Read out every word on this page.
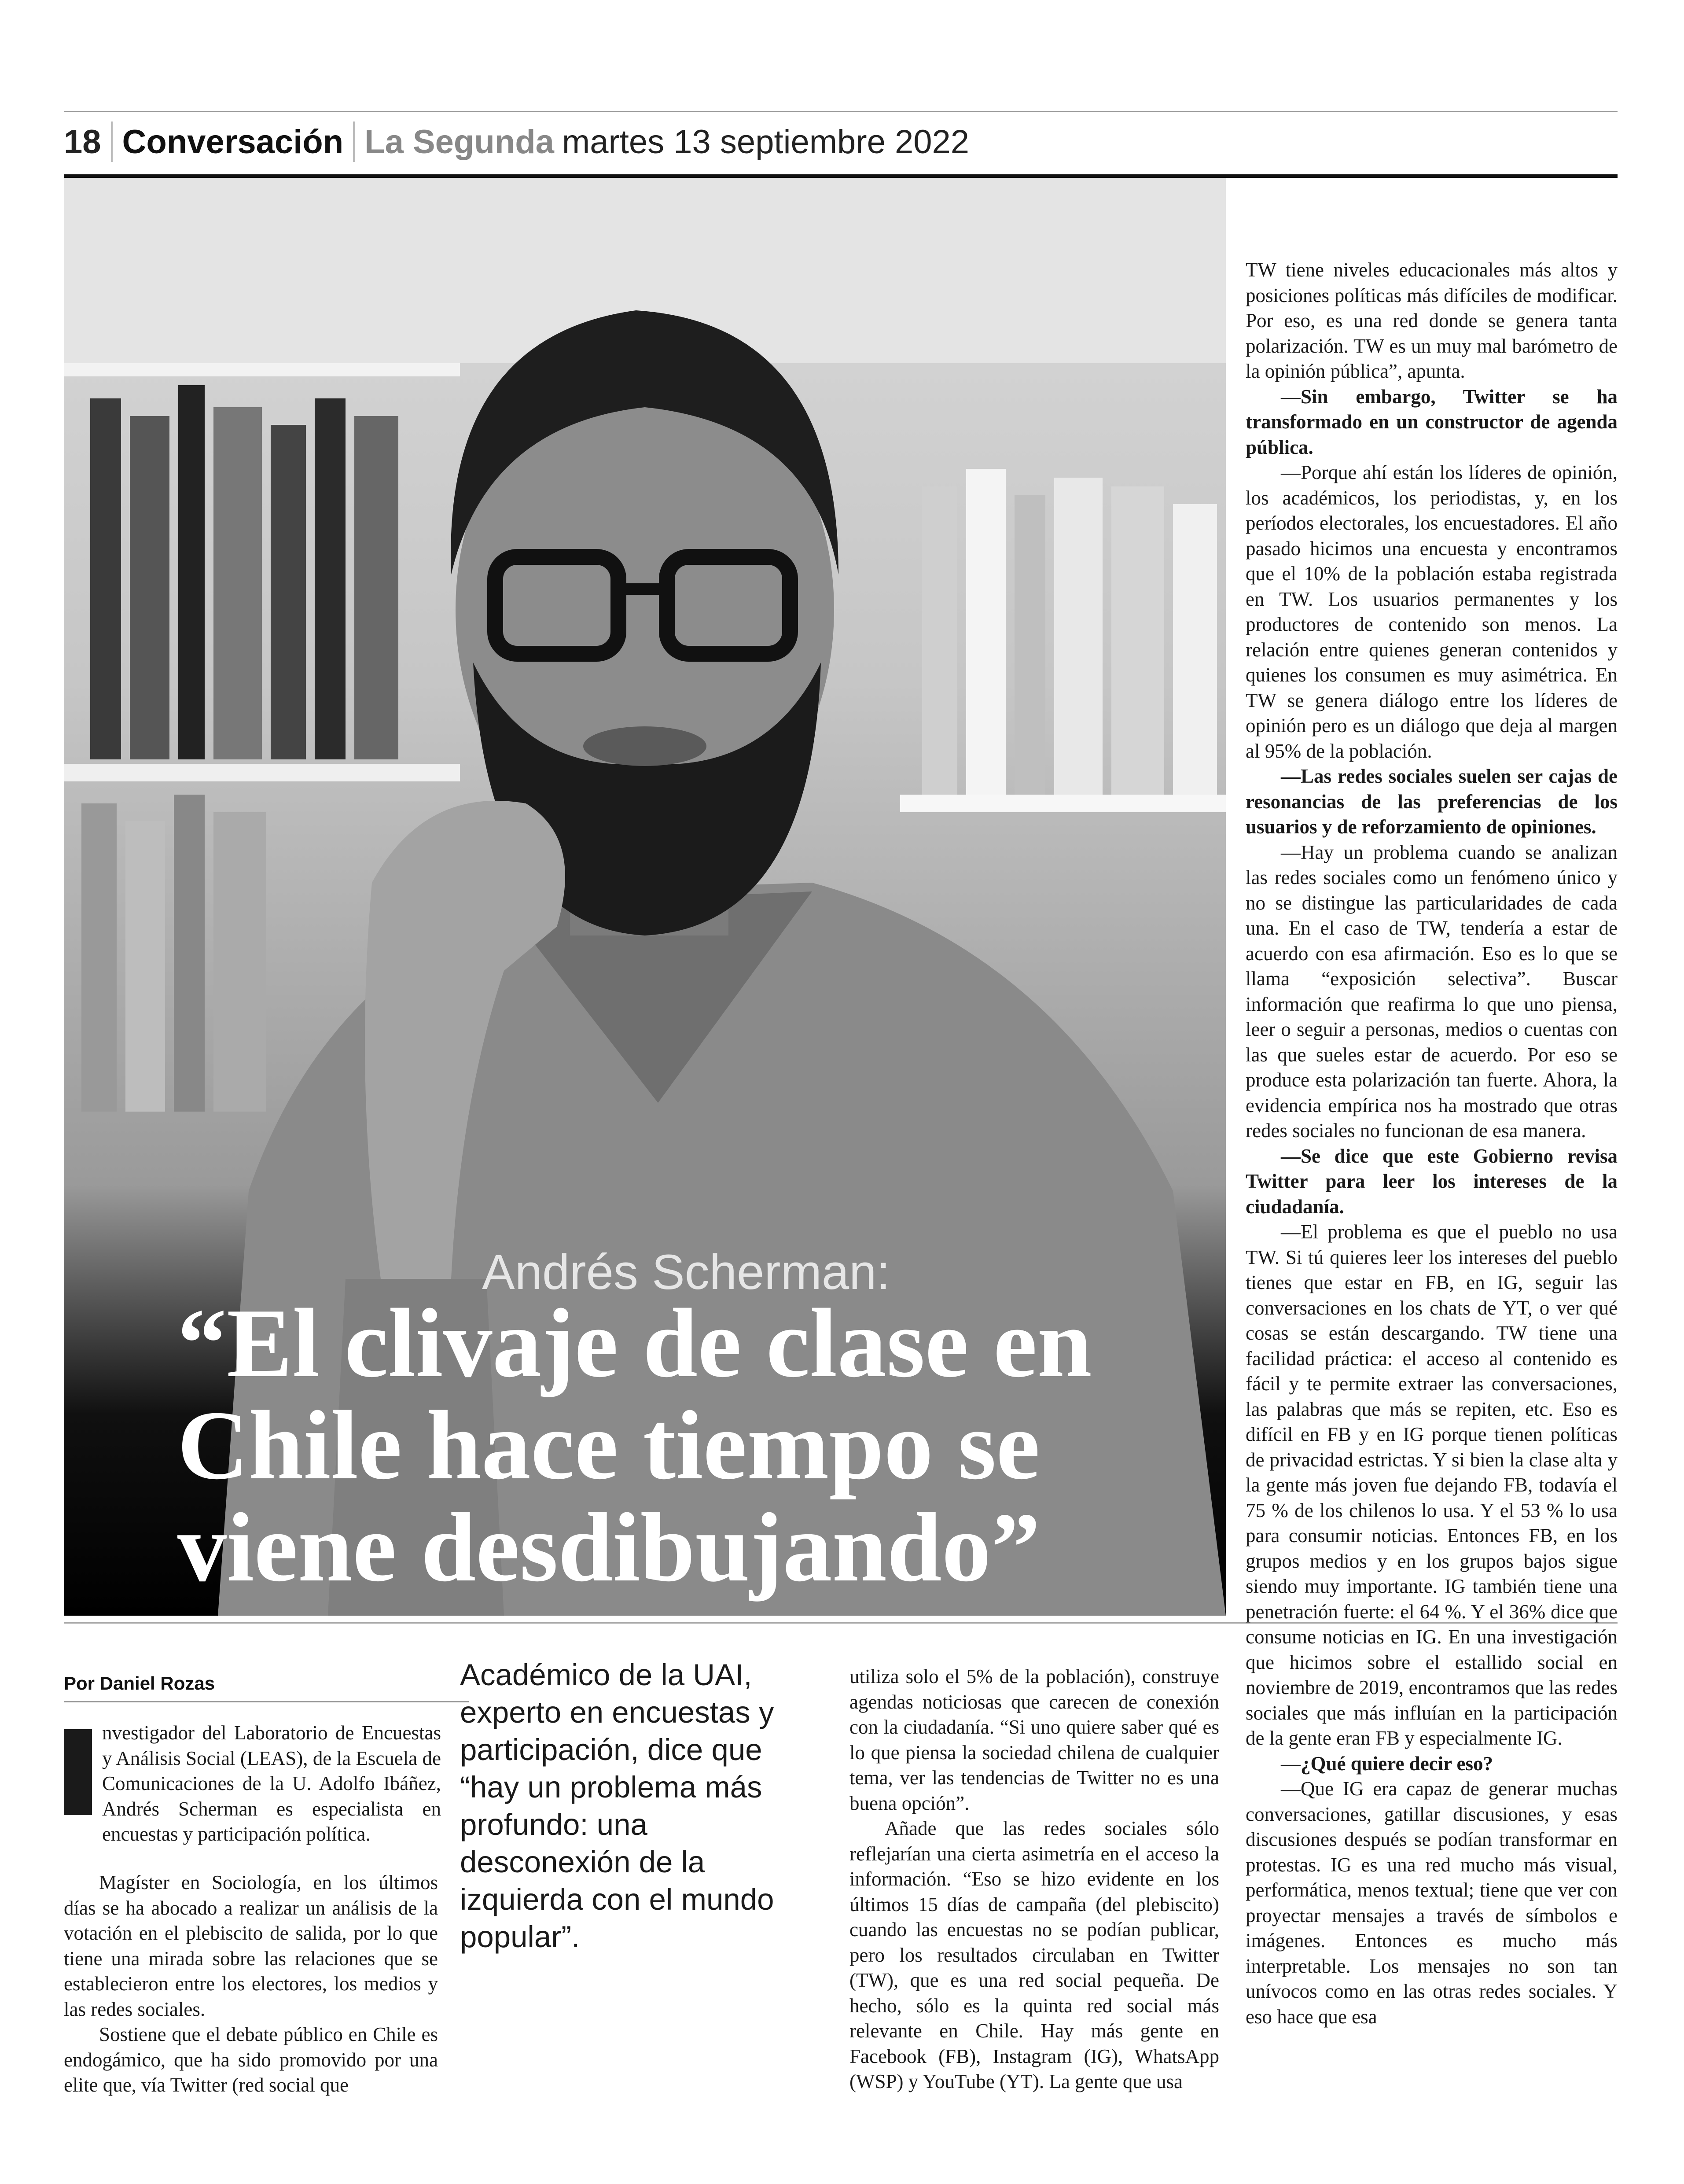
18 Conversación La Segunda martes 13 septiembre 2022
Andrés Scherman:
“El clivaje de clase en
Chile hace tiempo se
viene desdibujando”
Por Daniel Rozas

nvestigador del Laboratorio de Encuestas y Análisis Social (LEAS), de la Escuela de Comunicaciones de la U. Adolfo Ibáñez, Andrés Scherman es especialista en encuestas y participación política.

Magíster en Sociología, en los últimos días se ha abocado a realizar un análisis de la votación en el plebiscito de salida, por lo que tiene una mirada sobre las relaciones que se establecieron entre los electores, los medios y las redes sociales.

Sostiene que el debate público en Chile es endogámico, que ha sido promovido por una elite que, vía Twitter (red social que

Académico de la UAI,
experto en encuestas y
participación, dice que
“hay un problema más
profundo: una
desconexión de la
izquierda con el mundo
popular”.

utiliza solo el 5% de la población), construye agendas noticiosas que carecen de conexión con la ciudadanía. “Si uno quiere saber qué es lo que piensa la sociedad chilena de cualquier tema, ver las tendencias de Twitter no es una buena opción”.

Añade que las redes sociales sólo reflejarían una cierta asimetría en el acceso la información. “Eso se hizo evidente en los últimos 15 días de campaña (del plebiscito) cuando las encuestas no se podían publicar, pero los resultados circulaban en Twitter (TW), que es una red social pequeña. De hecho, sólo es la quinta red social más relevante en Chile. Hay más gente en Facebook (FB), Instagram (IG), WhatsApp (WSP) y YouTube (YT). La gente que usa

TW tiene niveles educacionales más altos y posiciones políticas más difíciles de modificar. Por eso, es una red donde se genera tanta polarización. TW es un muy mal barómetro de la opinión pública”, apunta.

—Sin embargo, Twitter se ha transformado en un constructor de agenda pública.

—Porque ahí están los líderes de opinión, los académicos, los periodistas, y, en los períodos electorales, los encuestadores. El año pasado hicimos una encuesta y encontramos que el 10% de la población estaba registrada en TW. Los usuarios permanentes y los productores de contenido son menos. La relación entre quienes generan contenidos y quienes los consumen es muy asimétrica. En TW se genera diálogo entre los líderes de opinión pero es un diálogo que deja al margen al 95% de la población.

—Las redes sociales suelen ser cajas de resonancias de las preferencias de los usuarios y de reforzamiento de opiniones.

—Hay un problema cuando se analizan las redes sociales como un fenómeno único y no se distingue las particularidades de cada una. En el caso de TW, tendería a estar de acuerdo con esa afirmación. Eso es lo que se llama “exposición selectiva”. Buscar información que reafirma lo que uno piensa, leer o seguir a personas, medios o cuentas con las que sueles estar de acuerdo. Por eso se produce esta polarización tan fuerte. Ahora, la evidencia empírica nos ha mostrado que otras redes sociales no funcionan de esa manera.

—Se dice que este Gobierno revisa Twitter para leer los intereses de la ciudadanía.

—El problema es que el pueblo no usa TW. Si tú quieres leer los intereses del pueblo tienes que estar en FB, en IG, seguir las conversaciones en los chats de YT, o ver qué cosas se están descargando. TW tiene una facilidad práctica: el acceso al contenido es fácil y te permite extraer las conversaciones, las palabras que más se repiten, etc. Eso es difícil en FB y en IG porque tienen políticas de privacidad estrictas. Y si bien la clase alta y la gente más joven fue dejando FB, todavía el 75 % de los chilenos lo usa. Y el 53 % lo usa para consumir noticias. Entonces FB, en los grupos medios y en los grupos bajos sigue siendo muy importante. IG también tiene una penetración fuerte: el 64 %. Y el 36% dice que consume noticias en IG. En una investigación que hicimos sobre el estallido social en noviembre de 2019, encontramos que las redes sociales que más influían en la participación de la gente eran FB y especialmente IG.

—¿Qué quiere decir eso?

—Que IG era capaz de generar muchas conversaciones, gatillar discusiones, y esas discusiones después se podían transformar en protestas. IG es una red mucho más visual, performática, menos textual; tiene que ver con proyectar mensajes a través de símbolos e imágenes. Entonces es mucho más interpretable. Los mensajes no son tan unívocos como en las otras redes sociales. Y eso hace que esa
